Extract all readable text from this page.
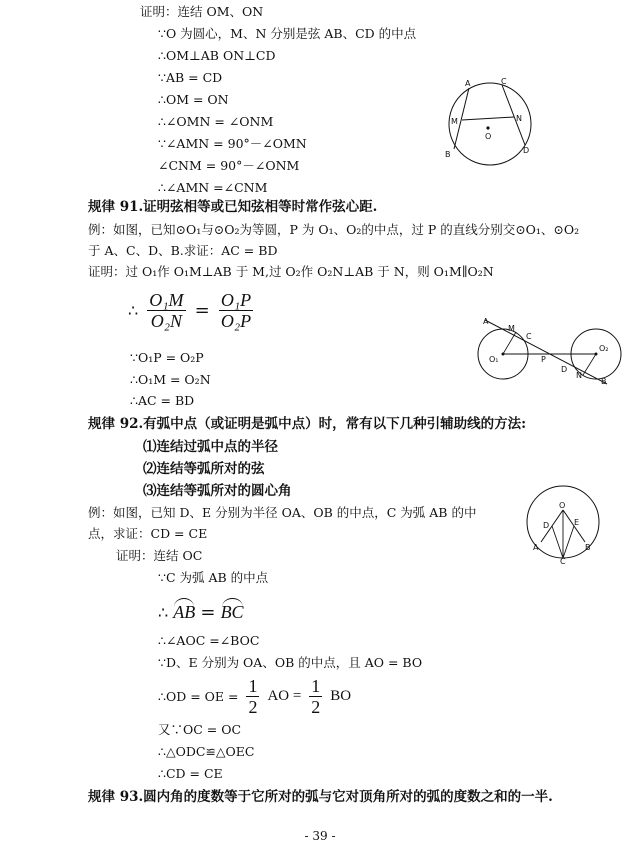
证明：连结 OM、ON
∵O 为圆心，M、N 分别是弦 AB、CD 的中点
∴OM⊥AB ON⊥CD
∵AB = CD
∴OM = ON
∴∠OMN = ∠ONM
∵∠AMN = 90°－∠OMN
∠CNM = 90°－∠ONM
∴∠AMN =∠CNM
A	C
M	N
O
B	D
规律 91.证明弦相等或已知弦相等时常作弦心距.
例：如图，已知⊙O₁与⊙O₂为等圆，P 为 O₁、O₂的中点，过 P 的直线分别交⊙O₁、⊙O₂
于 A、C、D、B.求证：AC = BD
证明：过 O₁作 O₁M⊥AB 于 M,过 O₂作 O₂N⊥AB 于 N，则 O₁M∥O₂N
∴ $\frac{\text{O₁M}}{\text{O₂N}} = \frac{\text{O₁P}}{\text{O₂P}}$
∵O₁P = O₂P
∴O₁M = O₂N
∴AC = BD
A
M
C
O₁	P
O₂
D
N
B
规律 92.有弧中点（或证明是弧中点）时，常有以下几种引辅助线的方法:
⑴连结过弧中点的半径
⑵连结等弧所对的弦
⑶连结等弧所对的圆心角
例：如图，已知 D、E 分别为半径 OA、OB 的中点，C 为弧 AB 的中
点，求证：CD = CE
证明：连结 OC
∵C 为弧 AB 的中点
∴ AB = BC
∴∠AOC =∠BOC
∵D、E 分别为 OA、OB 的中点，且 AO = BO
∴OD = OE = $\frac{1}{2}$ AO = $\frac{1}{2}$ BO
又∵OC = OC
∴△ODC≌△OEC
∴CD = CE
O
D	E
A
C
B
规律 93.圆内角的度数等于它所对的弧与它对顶角所对的弧的度数之和的一半.
- 39 -
